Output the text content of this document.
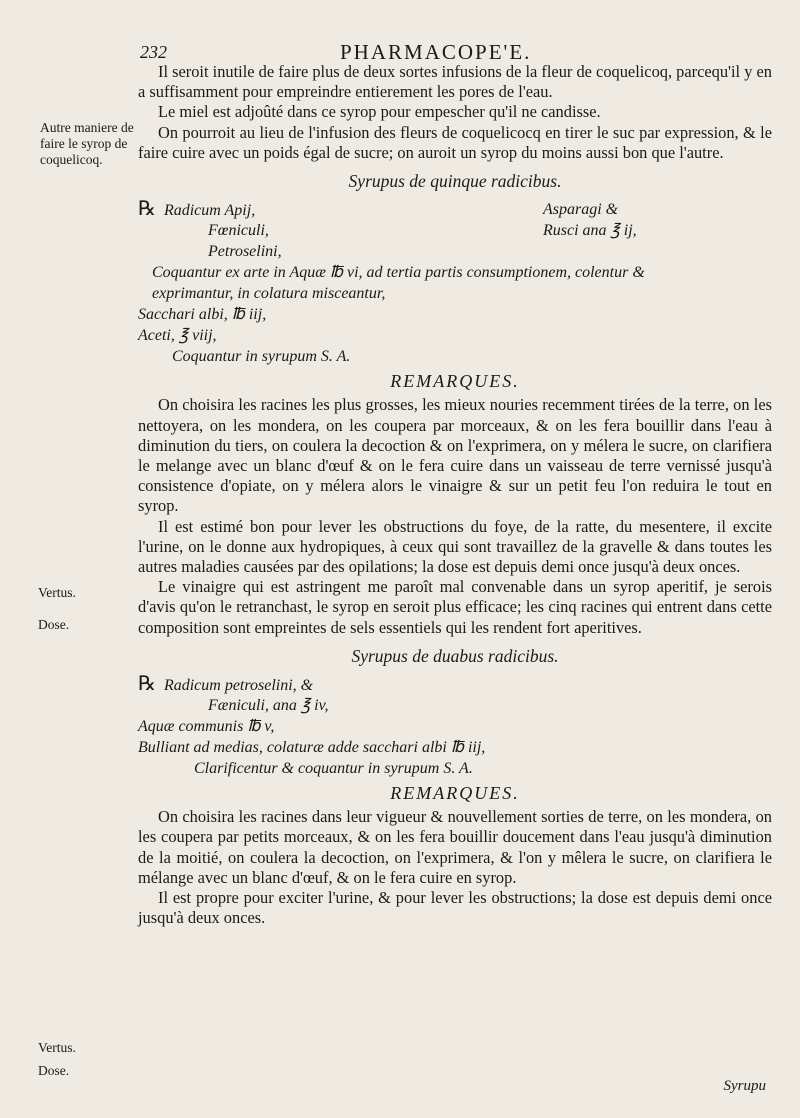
232	PHARMACOPE'E.
Autre maniere de faire le syrop de coquelicoq.
Vertus.
Dose.
Vertus.
Dose.

Il seroit inutile de faire plus de deux sortes infusions de la fleur de coquelicoq, parcequ'il y en a suffisamment pour empreindre entierement les pores de l'eau.

Le miel est adjoûté dans ce syrop pour empescher qu'il ne candisse.

On pourroit au lieu de l'infusion des fleurs de coquelicocq en tirer le suc par expression, & le faire cuire avec un poids égal de sucre; on auroit un syrop du moins aussi bon que l'autre.

Syrupus de quinque radicibus.
℞ Radicum Apij,	Asparagi &
Fœniculi,	Rusci ana ℥ ij,
Petroselini,
Coquantur ex arte in Aquæ ℔ vi, ad tertia partis consumptionem, colentur &
exprimantur, in colatura misceantur,
Sacchari albi, ℔ iij,
Aceti, ℥ viij,
Coquantur in syrupum S. A.
REMARQUES.

On choisira les racines les plus grosses, les mieux nouries recemment tirées de la terre, on les nettoyera, on les mondera, on les coupera par morceaux, & on les fera bouillir dans l'eau à diminution du tiers, on coulera la decoction & on l'exprimera, on y mélera le sucre, on clarifiera le melange avec un blanc d'œuf & on le fera cuire dans un vaisseau de terre vernissé jusqu'à consistence d'opiate, on y mélera alors le vinaigre & sur un petit feu l'on reduira le tout en syrop.

Il est estimé bon pour lever les obstructions du foye, de la ratte, du mesentere, il excite l'urine, on le donne aux hydropiques, à ceux qui sont travaillez de la gravelle & dans toutes les autres maladies causées par des opilations; la dose est depuis demi once jusqu'à deux onces.

Le vinaigre qui est astringent me paroît mal convenable dans un syrop aperitif, je serois d'avis qu'on le retranchast, le syrop en seroit plus efficace; les cinq racines qui entrent dans cette composition sont empreintes de sels essentiels qui les rendent fort aperitives.

Syrupus de duabus radicibus.
℞ Radicum petroselini, &
Fæniculi, ana ℥ iv,
Aquæ communis ℔ v,
Bulliant ad medias, colaturæ adde sacchari albi ℔ iij,
Clarificentur & coquantur in syrupum S. A.
REMARQUES.

On choisira les racines dans leur vigueur & nouvellement sorties de terre, on les mondera, on les coupera par petits morceaux, & on les fera bouillir doucement dans l'eau jusqu'à diminution de la moitié, on coulera la decoction, on l'exprimera, & l'on y mêlera le sucre, on clarifiera le mélange avec un blanc d'œuf, & on le fera cuire en syrop.

Il est propre pour exciter l'urine, & pour lever les obstructions; la dose est depuis demi once jusqu'à deux onces.

Syrupu
